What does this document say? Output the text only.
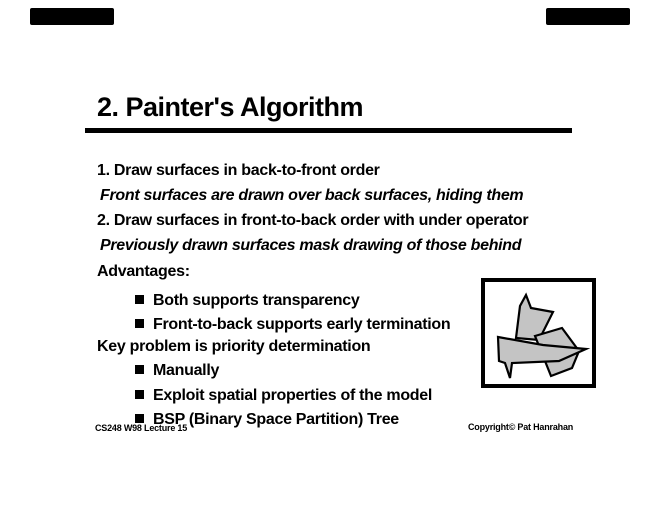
2. Painter's Algorithm
1. Draw surfaces in back-to-front order
Front surfaces are drawn over back surfaces, hiding them
2. Draw surfaces in front-to-back order with under operator
Previously drawn surfaces mask drawing of those behind
Advantages:
Both supports transparency
Front-to-back supports early termination
Key problem is priority determination
Manually
Exploit spatial properties of the model
BSP (Binary Space Partition) Tree
CS248 W98 Lecture 15	Copyright© Pat Hanrahan
